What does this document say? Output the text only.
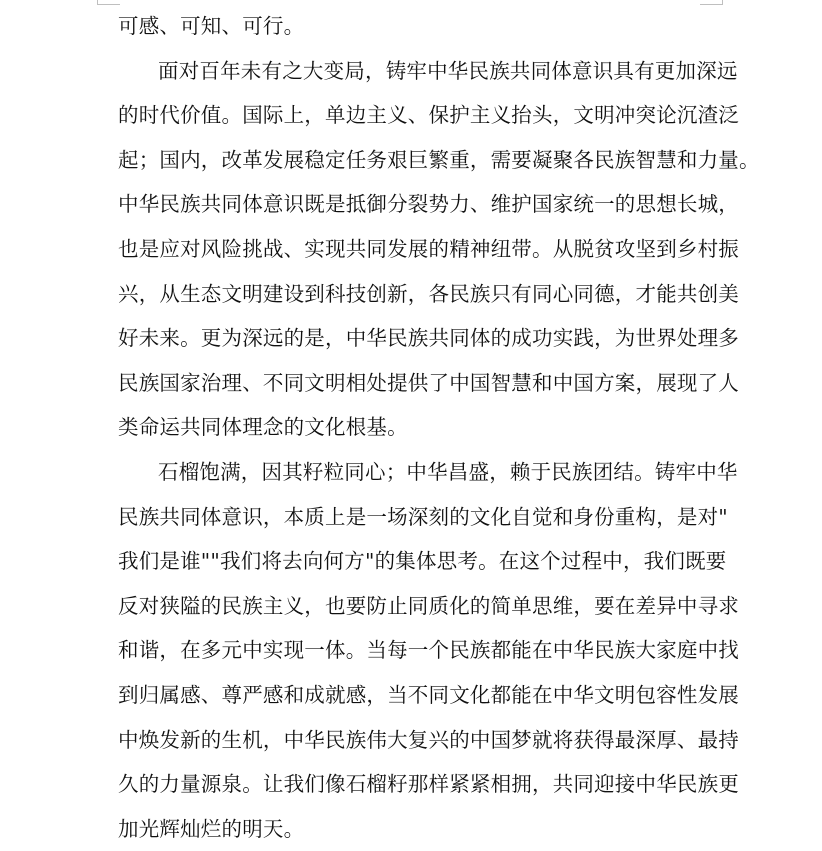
可感、可知、可行。
面对百年未有之大变局，铸牢中华民族共同体意识具有更加深远
的时代价值。国际上，单边主义、保护主义抬头，文明冲突论沉渣泛
起；国内，改革发展稳定任务艰巨繁重，需要凝聚各民族智慧和力量。
中华民族共同体意识既是抵御分裂势力、维护国家统一的思想长城，
也是应对风险挑战、实现共同发展的精神纽带。从脱贫攻坚到乡村振
兴，从生态文明建设到科技创新，各民族只有同心同德，才能共创美
好未来。更为深远的是，中华民族共同体的成功实践，为世界处理多
民族国家治理、不同文明相处提供了中国智慧和中国方案，展现了人
类命运共同体理念的文化根基。
石榴饱满，因其籽粒同心；中华昌盛，赖于民族团结。铸牢中华
民族共同体意识，本质上是一场深刻的文化自觉和身份重构，是对"
我们是谁""我们将去向何方"的集体思考。在这个过程中，我们既要
反对狭隘的民族主义，也要防止同质化的简单思维，要在差异中寻求
和谐，在多元中实现一体。当每一个民族都能在中华民族大家庭中找
到归属感、尊严感和成就感，当不同文化都能在中华文明包容性发展
中焕发新的生机，中华民族伟大复兴的中国梦就将获得最深厚、最持
久的力量源泉。让我们像石榴籽那样紧紧相拥，共同迎接中华民族更
加光辉灿烂的明天。
